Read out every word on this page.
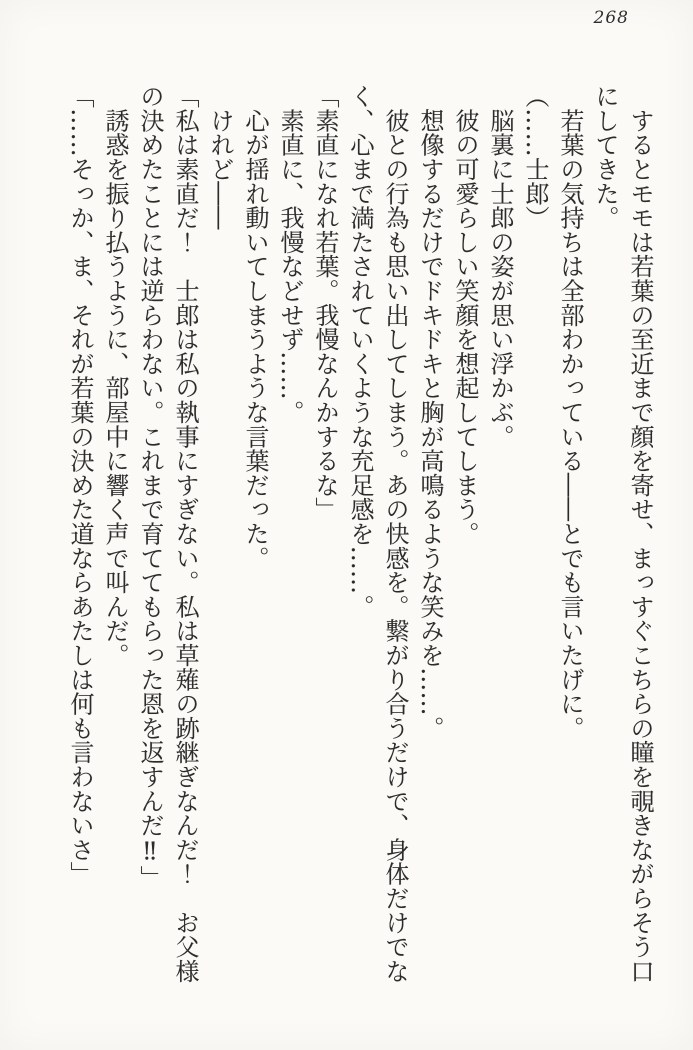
268

　するとモモは若葉の至近まで顔を寄せ、まっすぐこちらの瞳を覗きながらそう口にしてきた。

　若葉の気持ちは全部わかっている――とでも言いたげに。

（……士郎）

　脳裏に士郎の姿が思い浮かぶ。

　彼の可愛らしい笑顔を想起してしまう。

　想像するだけでドキドキと胸が高鳴るような笑みを……。

　彼との行為も思い出してしまう。あの快感を。繋がり合うだけで、身体だけでなく、心まで満たされていくような充足感を……。

「素直になれ若葉。我慢なんかするな」

　素直に、我慢などせず……。

　心が揺れ動いてしまうような言葉だった。

　けれど――

「私は素直だ！　士郎は私の執事にすぎない。私は草薙の跡継ぎなんだ！　お父様の決めたことには逆らわない。これまで育ててもらった恩を返すんだ‼」

　誘惑を振り払うように、部屋中に響く声で叫んだ。

「……そっか、ま、それが若葉の決めた道ならあたしは何も言わないさ」
